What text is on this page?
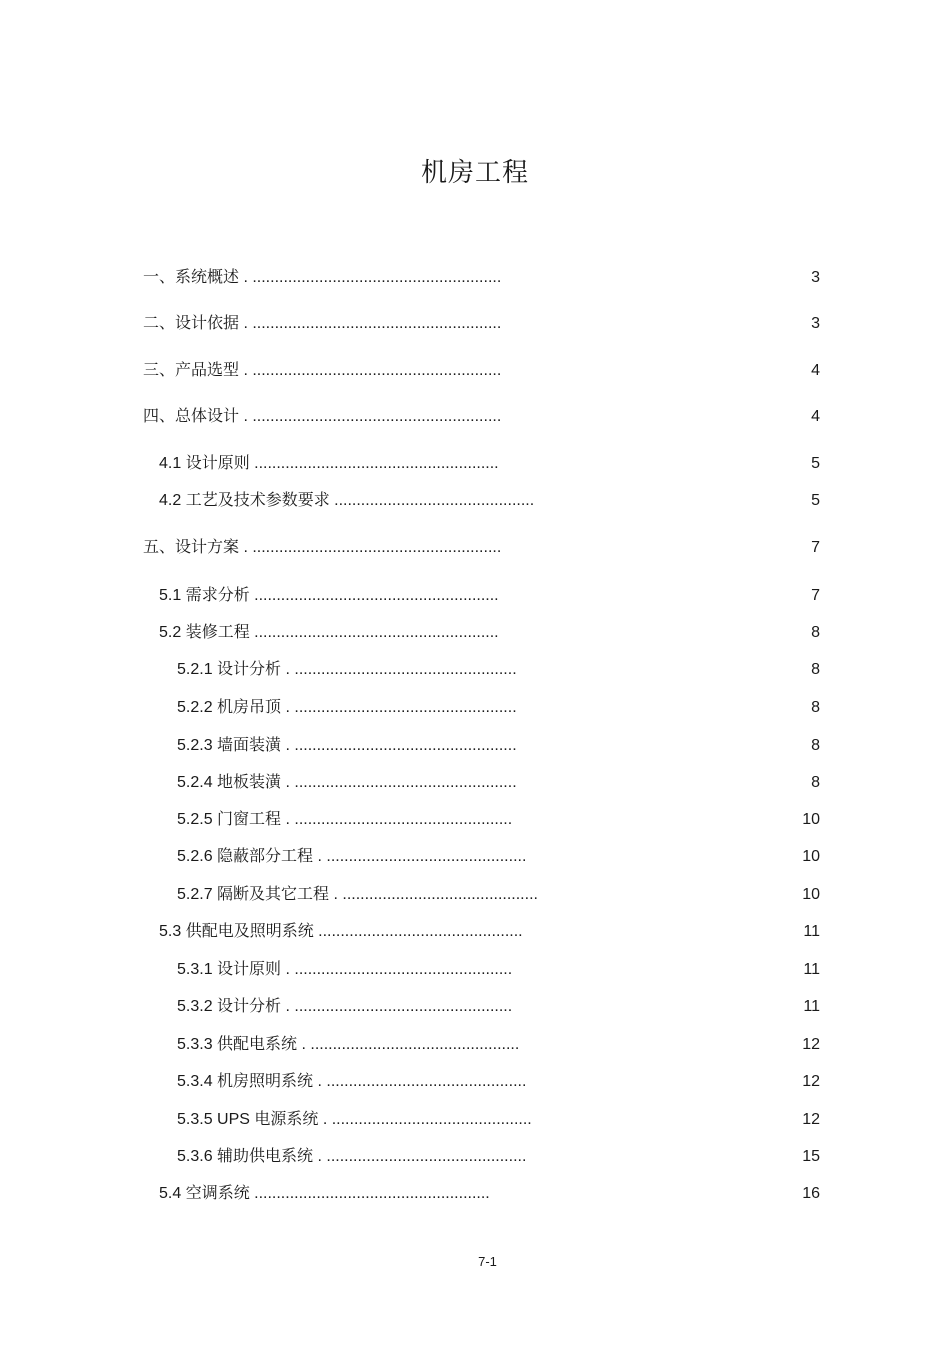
机房工程
一、系统概述 . ........................................................	3
二、设计依据 . ........................................................	3
三、产品选型 . ........................................................	4
四、总体设计 . ........................................................	4
4.1 设计原则 .......................................................	5
4.2 工艺及技术参数要求 .............................................	5
五、设计方案 . ........................................................	7
5.1 需求分析 .......................................................	7
5.2 装修工程 .......................................................	8
5.2.1 设计分析 . ..................................................	8
5.2.2 机房吊顶 . ..................................................	8
5.2.3 墙面装潢 . ..................................................	8
5.2.4 地板装潢 . ..................................................	8
5.2.5 门窗工程 . .................................................	10
5.2.6 隐蔽部分工程 . .............................................	10
5.2.7 隔断及其它工程 . ............................................	10
5.3 供配电及照明系统 ..............................................	11
5.3.1 设计原则 . .................................................	11
5.3.2 设计分析 . .................................................	11
5.3.3 供配电系统 . ...............................................	12
5.3.4 机房照明系统 . .............................................	12
5.3.5 UPS 电源系统 . .............................................	12
5.3.6 辅助供电系统 . .............................................	15
5.4 空调系统 .....................................................	16
7-1
